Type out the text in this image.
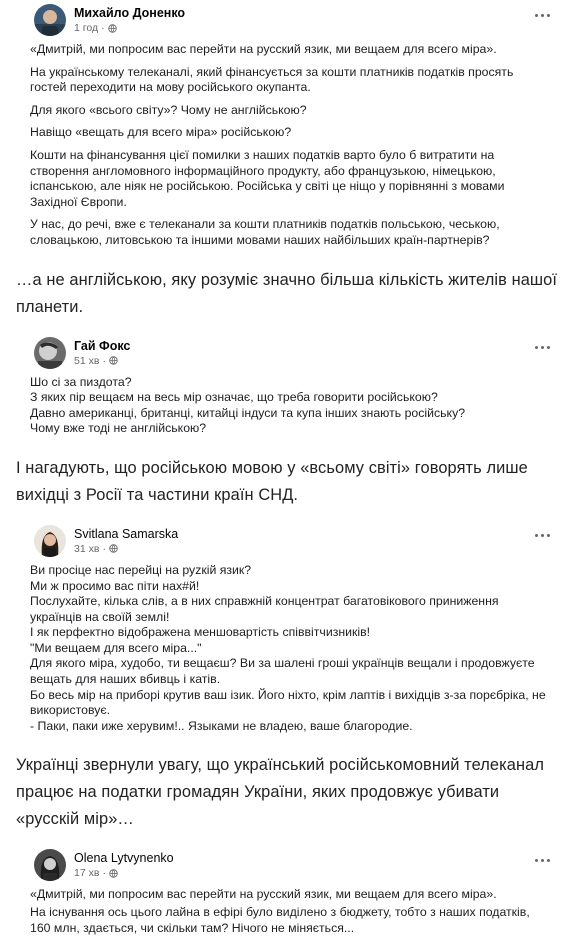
Михайло Доненко
1 год ·

«Дмитрій, ми попросим вас перейти на русский язик, ми вещаем для всего міра».

На українському телеканалі, який фінансується за кошти платників податків просять гостей переходити на мову російського окупанта.

Для якого «всього світу»? Чому не англійською?

Навіщо «вещать для всего міра» російською?

Кошти на фінансування цієї помилки з наших податків варто було б витратити на створення англомовного інформаційного продукту, або французькою, німецькою, іспанською, але ніяк не російською. Російська у світі це ніщо у порівнянні з мовами Західної Європи.

У нас, до речі, вже є телеканали за кошти платників податків польською, чеською, словацькою, литовською та іншими мовами наших найбільших країн-партнерів?

…а не англійською, яку розуміє значно більша кількість жителів нашої планети.
Гай Фокс
51 хв ·

Шо сі за пиздота?

З яких пір вещаєм на весь мір означає, що треба говорити російською?

Давно американці, британці, китайці індуси та купа інших знають російську?

Чому вже тоді не англійською?

І нагадують, що російською мовою у «всьому світі» говорять лише вихідці з Росії та частини країн СНД.
Svitlana Samarska
31 хв ·

Ви просіце нас перейці на руzкій язик?

Ми ж просимо вас піти нах#й!

Послухайте, кілька слів, а в них справжній концентрат багатовікового приниження українців на своїй землі!

І як перфектно відображена меншовартість співвітчизників!

"Ми вещаем для всего міра..."

Для якого міра, худобо, ти вещаєш? Ви за шалені гроші українців вещали і продовжуєте вещать для наших вбивць і катів.

Бо весь мір на приборі крутив ваш ізик. Його ніхто, крім лаптів і вихідців з-за порєбріка, не використовує.

- Паки, паки иже херувим!.. Языками не владею, ваше благородие.

Українці звернули увагу, що український російськомовний телеканал працює на податки громадян України, яких продовжує убивати «русскій мір»…
Olena Lytvynenko
17 хв ·

«Дмитрій, ми попросим вас перейти на русский язик, ми вещаем для всего міра».

На існування ось цього лайна в ефірі було виділено з бюджету, тобто з наших податків, 160 млн, здається, чи скільки там? Нічого не міняється...
